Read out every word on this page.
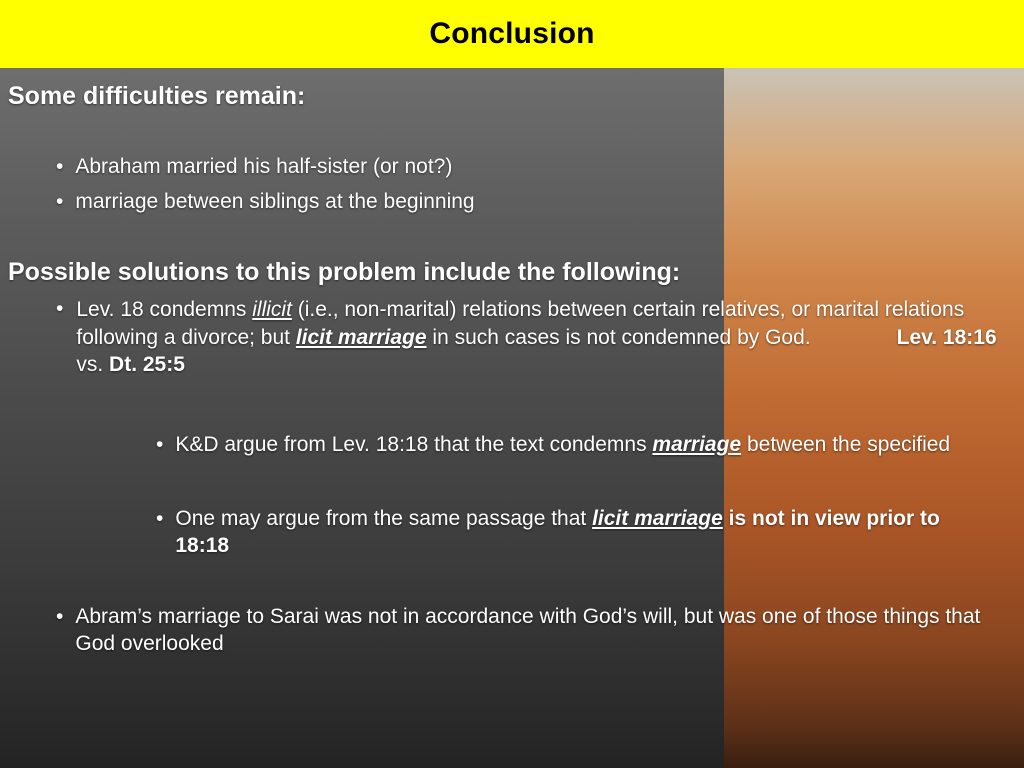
Conclusion
Some difficulties remain:
• Abraham married his half-sister (or not?)
• marriage between siblings at the beginning
Possible solutions to this problem include the following:
• Lev. 18 condemns illicit (i.e., non-marital) relations between certain relatives, or marital relations following a divorce; but licit marriage in such cases is not condemned by God.	Lev. 18:16 vs. Dt. 25:5
• K&D argue from Lev. 18:18 that the text condemns marriage between the specified
• One may argue from the same passage that licit marriage is not in view prior to 18:18
• Abram’s marriage to Sarai was not in accordance with God’s will, but was one of those things that God overlooked
